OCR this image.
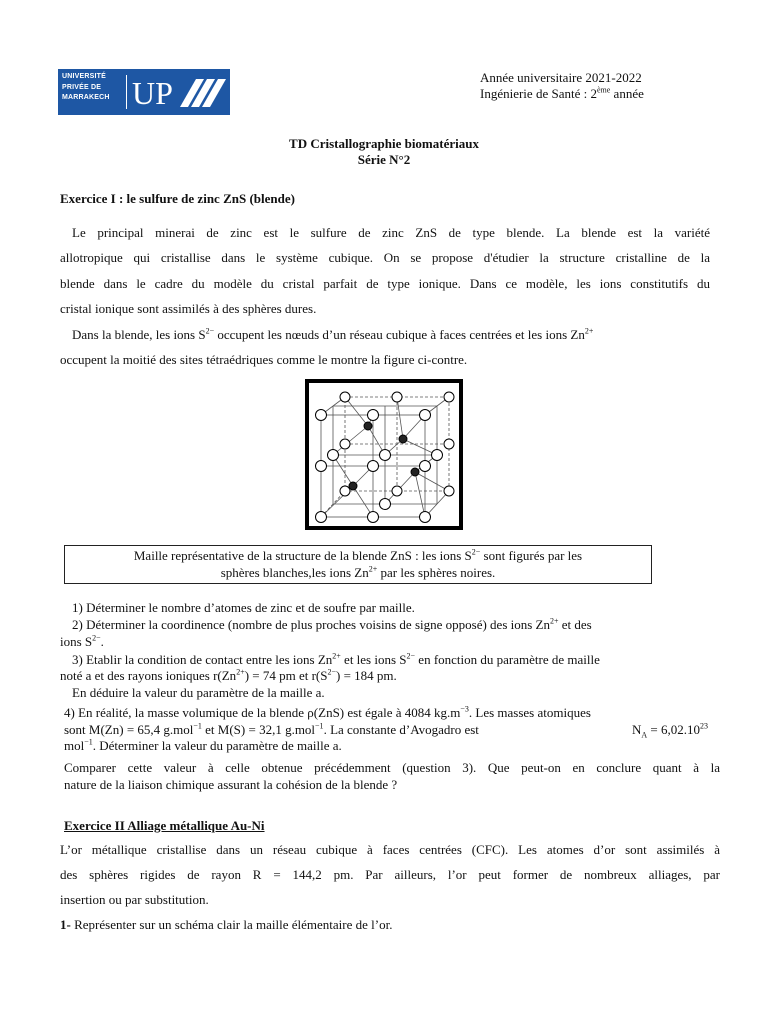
UNIVERSITÉ
PRIVÉE DE
MARRAKECH UP	Année universitaire 2021-2022
Ingénierie de Santé : 2ème année
TD Cristallographie biomatériaux
Série N°2
Exercice I : le sulfure de zinc ZnS (blende)
Le principal minerai de zinc est le sulfure de zinc ZnS de type blende. La blende est la variété
allotropique qui cristallise dans le système cubique. On se propose d'étudier la structure cristalline de la
blende dans le cadre du modèle du cristal parfait de type ionique. Dans ce modèle, les ions constitutifs du
cristal ionique sont assimilés à des sphères dures.
Dans la blende, les ions $S^{2-}$ occupent les nœuds d’un réseau cubique à faces centrées et les ions $Zn^{2+}$
occupent la moitié des sites tétraédriques comme le montre la figure ci-contre.
Maille représentative de la structure de la blende ZnS : les ions $S^{2-}$ sont figurés par les
sphères blanches,les ions $Zn^{2+}$ par les sphères noires.
1) Déterminer le nombre d’atomes de zinc et de soufre par maille.
2) Déterminer la coordinence (nombre de plus proches voisins de signe opposé) des ions $Zn^{2+}$ et des
ions $S^{2-}$.
3) Etablir la condition de contact entre les ions $Zn^{2+}$ et les ions $S^{2-}$ en fonction du paramètre de maille
noté a et des rayons ioniques $r(Zn^{2+}) = 74$ pm et $r(S^{2-}) = 184$ pm.
En déduire la valeur du paramètre de la maille a.
4) En réalité, la masse volumique de la blende ρ(ZnS) est égale à 4084 $kg.m^{-3}$. Les masses atomiques
sont M(Zn) = 65,4 g.mol$^{-1}$ et M(S) = 32,1 g.mol$^{-1}$. La constante d’Avogadro est	$N_A = 6,02.10^{23}$
mol$^{-1}$. Déterminer la valeur du paramètre de maille a.
Comparer cette valeur à celle obtenue précédemment (question 3). Que peut-on en conclure quant à la
nature de la liaison chimique assurant la cohésion de la blende ?
Exercice II Alliage métallique Au-Ni
L’or métallique cristallise dans un réseau cubique à faces centrées (CFC). Les atomes d’or sont assimilés à
des sphères rigides de rayon R = 144,2 pm. Par ailleurs, l’or peut former de nombreux alliages, par
insertion ou par substitution.
1- Représenter sur un schéma clair la maille élémentaire de l’or.
